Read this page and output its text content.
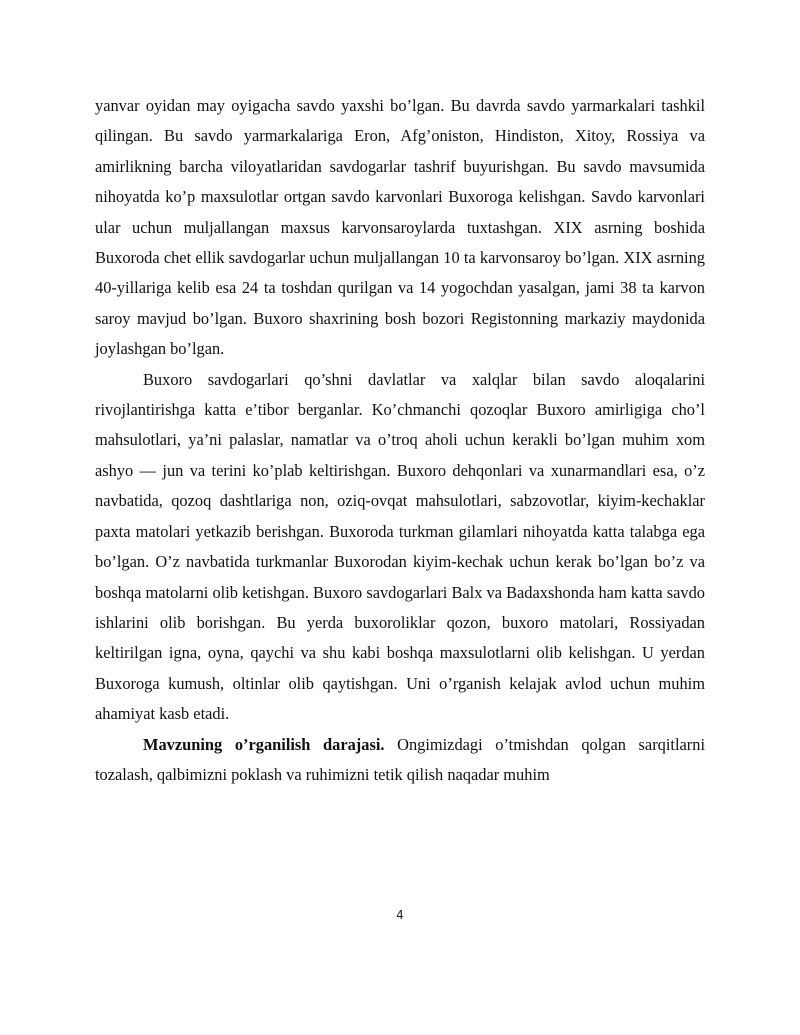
yanvar oyidan may oyigacha savdo yaxshi bo’lgan. Bu davrda savdo yarmarkalari tashkil qilingan. Bu savdo yarmarkalariga Eron, Afg’oniston, Hindiston, Xitoy, Rossiya va amirlikning barcha viloyatlaridan savdogarlar tashrif buyurishgan. Bu savdo mavsumida nihoyatda ko’p maxsulotlar ortgan savdo karvonlari Buxoroga kelishgan. Savdo karvonlari ular uchun muljallangan maxsus karvonsaroylarda tuxtashgan. XIX asrning boshida Buxoroda chet ellik savdogarlar uchun muljallangan 10 ta karvonsaroy bo’lgan. XIX asrning 40-yillariga kelib esa 24 ta toshdan qurilgan va 14 yogochdan yasalgan, jami 38 ta karvon saroy mavjud bo’lgan. Buxoro shaxrining bosh bozori Registonning markaziy maydonida joylashgan bo’lgan.

Buxoro savdogarlari qo’shni davlatlar va xalqlar bilan savdo aloqalarini rivojlantirishga katta e’tibor berganlar. Ko’chmanchi qozoqlar Buxoro amirligiga cho’l mahsulotlari, ya’ni palaslar, namatlar va o’troq aholi uchun kerakli bo’lgan muhim xom ashyo — jun va terini ko’plab keltirishgan. Buxoro dehqonlari va xunarmandlari esa, o’z navbatida, qozoq dashtlariga non, oziq-ovqat mahsulotlari, sabzovotlar, kiyim-kechaklar paxta matolari yetkazib berishgan. Buxoroda turkman gilamlari nihoyatda katta talabga ega bo’lgan. O’z navbatida turkmanlar Buxorodan kiyim-kechak uchun kerak bo’lgan bo’z va boshqa matolarni olib ketishgan. Buxoro savdogarlari Balx va Badaxshonda ham katta savdo ishlarini olib borishgan. Bu yerda buxoroliklar qozon, buxoro matolari, Rossiyadan keltirilgan igna, oyna, qaychi va shu kabi boshqa maxsulotlarni olib kelishgan. U yerdan Buxoroga kumush, oltinlar olib qaytishgan. Uni o’rganish kelajak avlod uchun muhim ahamiyat kasb etadi.

Mavzuning o’rganilish darajasi. Ongimizdagi o’tmishdan qolgan sarqitlarni tozalash, qalbimizni poklash va ruhimizni tetik qilish naqadar muhim

4
